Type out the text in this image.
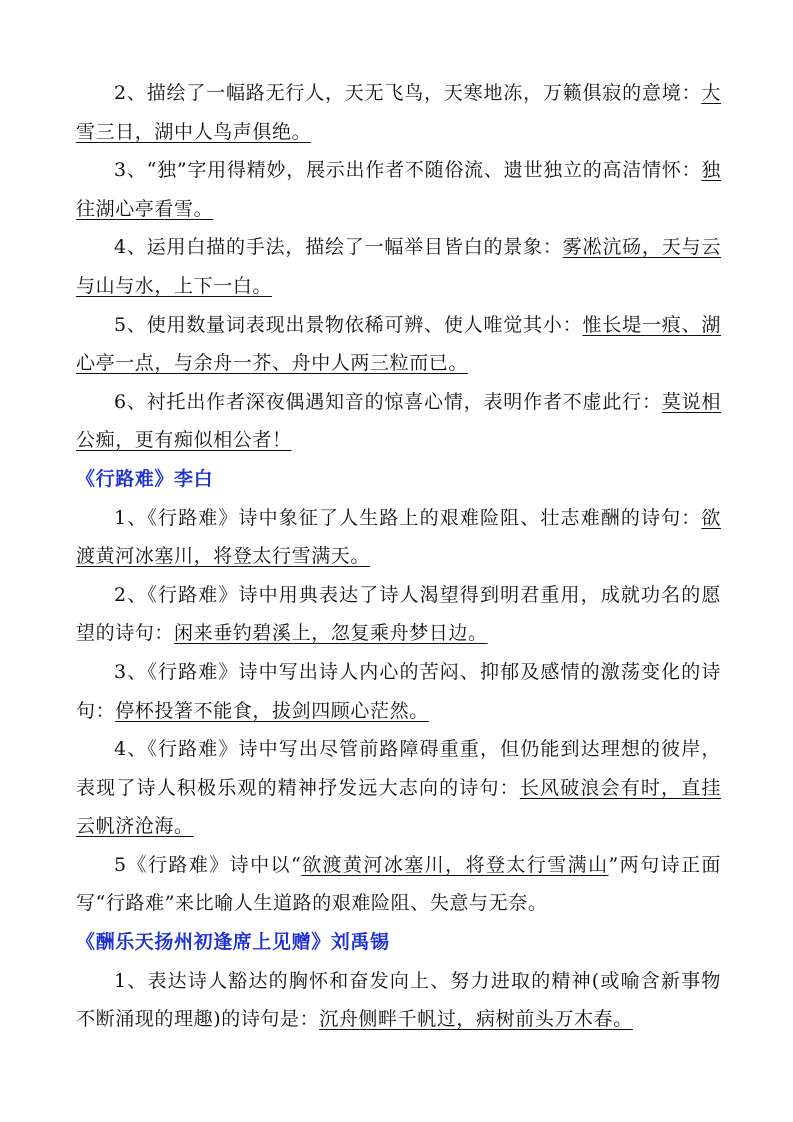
2、描绘了一幅路无行人，天无飞鸟，天寒地冻，万籁俱寂的意境：大雪三日，湖中人鸟声俱绝。

3、“独”字用得精妙，展示出作者不随俗流、遗世独立的高洁情怀：独往湖心亭看雪。

4、运用白描的手法，描绘了一幅举目皆白的景象：雾凇沆砀，天与云与山与水，上下一白。

5、使用数量词表现出景物依稀可辨、使人唯觉其小：惟长堤一痕、湖心亭一点，与余舟一芥、舟中人两三粒而已。

6、衬托出作者深夜偶遇知音的惊喜心情，表明作者不虚此行：莫说相公痴，更有痴似相公者！

《行路难》李白

1、《行路难》诗中象征了人生路上的艰难险阻、壮志难酬的诗句：欲渡黄河冰塞川，将登太行雪满天。

2、《行路难》诗中用典表达了诗人渴望得到明君重用，成就功名的愿望的诗句：闲来垂钓碧溪上，忽复乘舟梦日边。

3、《行路难》诗中写出诗人内心的苦闷、抑郁及感情的激荡变化的诗句：停杯投箸不能食，拔剑四顾心茫然。

4、《行路难》诗中写出尽管前路障碍重重，但仍能到达理想的彼岸，表现了诗人积极乐观的精神抒发远大志向的诗句：长风破浪会有时，直挂云帆济沧海。

5《行路难》诗中以“欲渡黄河冰塞川，将登太行雪满山”两句诗正面写“行路难”来比喻人生道路的艰难险阻、失意与无奈。

《酬乐天扬州初逢席上见赠》刘禹锡

1、表达诗人豁达的胸怀和奋发向上、努力进取的精神(或喻含新事物不断涌现的理趣)的诗句是：沉舟侧畔千帆过，病树前头万木春。
